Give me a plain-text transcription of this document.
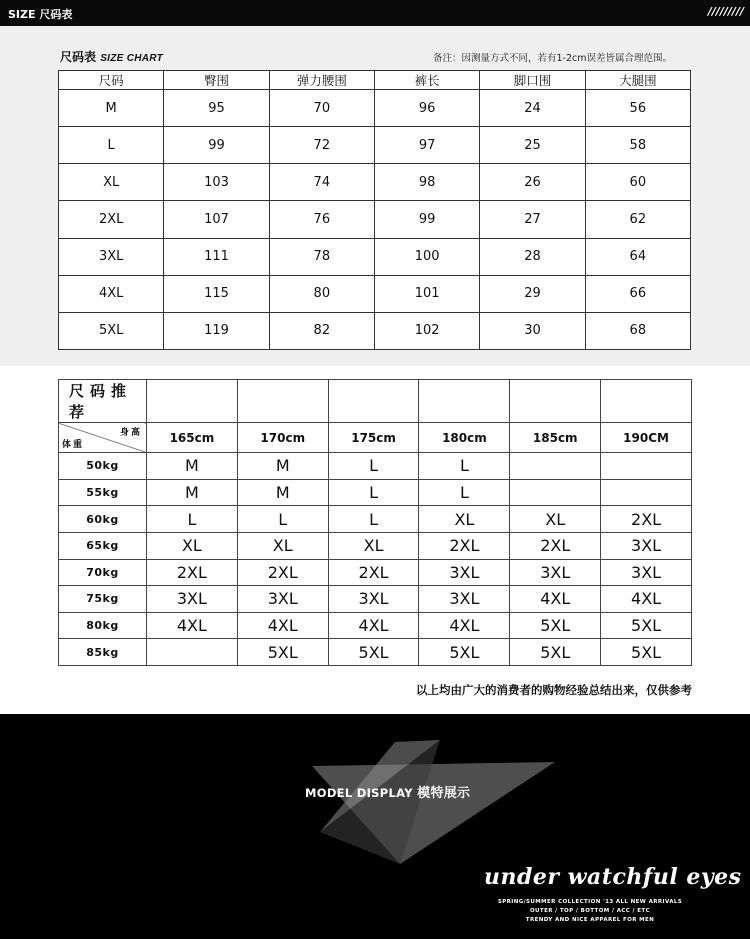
SIZE 尺码表	/////////
尺码表 SIZE CHART	备注：因测量方式不同，若有1-2cm误差皆属合理范围。
尺码	臀围	弹力腰围	裤长	脚口围	大腿围
M	95	70	96	24	56
L	99	72	97	25	58
XL	103	74	98	26	60
2XL	107	76	99	27	62
3XL	111	78	100	28	64
4XL	115	80	101	29	66
5XL	119	82	102	30	68
尺码推荐						

身高
体重	165cm	170cm	175cm	180cm	185cm	190CM
50kg	M	M	L	L		
55kg	M	M	L	L		
60kg	L	L	L	XL	XL	2XL
65kg	XL	XL	XL	2XL	2XL	3XL
70kg	2XL	2XL	2XL	3XL	3XL	3XL
75kg	3XL	3XL	3XL	3XL	4XL	4XL
80kg	4XL	4XL	4XL	4XL	5XL	5XL
85kg		5XL	5XL	5XL	5XL	5XL
以上均由广大的消费者的购物经验总结出来，仅供参考
MODEL DISPLAY 模特展示
under watchful eyes
SPRING/SUMMER COLLECTION '13 ALL NEW ARRIVALS
OUTER / TOP / BOTTOM / ACC / ETC
TRENDY AND NICE APPAREL FOR MEN
